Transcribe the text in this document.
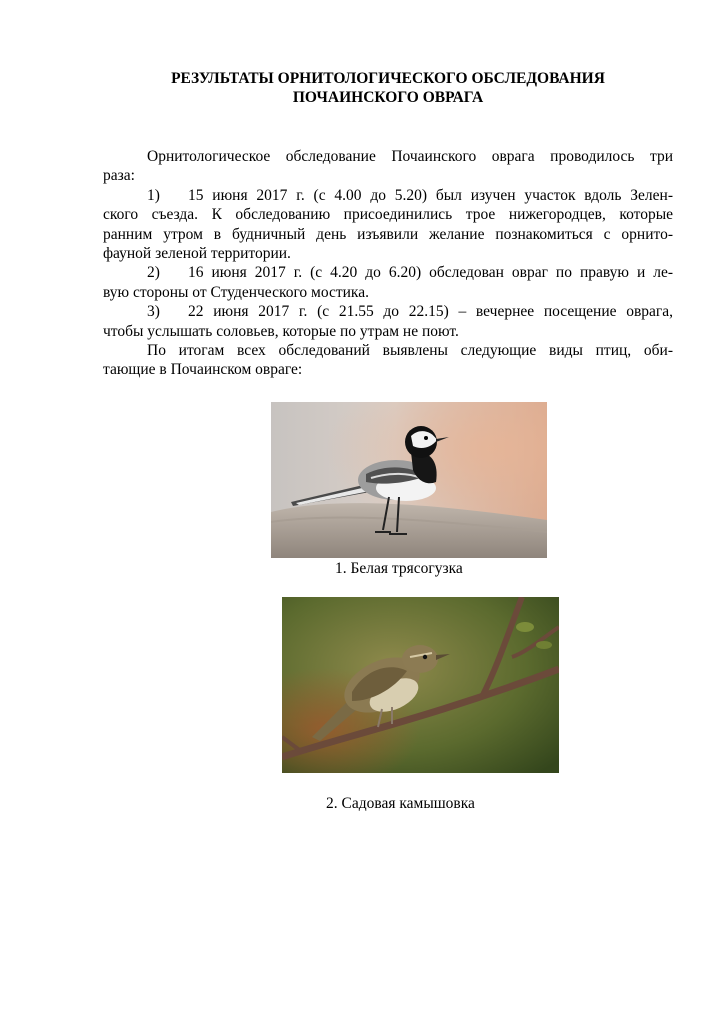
РЕЗУЛЬТАТЫ ОРНИТОЛОГИЧЕСКОГО ОБСЛЕДОВАНИЯ
ПОЧАИНСКОГО ОВРАГА
Орнитологическое обследование Почаинского оврага проводилось три
раза:
1) 15 июня 2017 г. (с 4.00 до 5.20) был изучен участок вдоль Зелен-
ского съезда. К обследованию присоединились трое нижегородцев, которые
ранним утром в будничный день изъявили желание познакомиться с орнито-
фауной зеленой территории.
2) 16 июня 2017 г. (с 4.20 до 6.20) обследован овраг по правую и ле-
вую стороны от Студенческого мостика.
3) 22 июня 2017 г. (с 21.55 до 22.15) – вечернее посещение оврага,
чтобы услышать соловьев, которые по утрам не поют.
По итогам всех обследований выявлены следующие виды птиц, оби-
тающие в Почаинском овраге:
1. Белая трясогузка
2. Садовая камышовка
